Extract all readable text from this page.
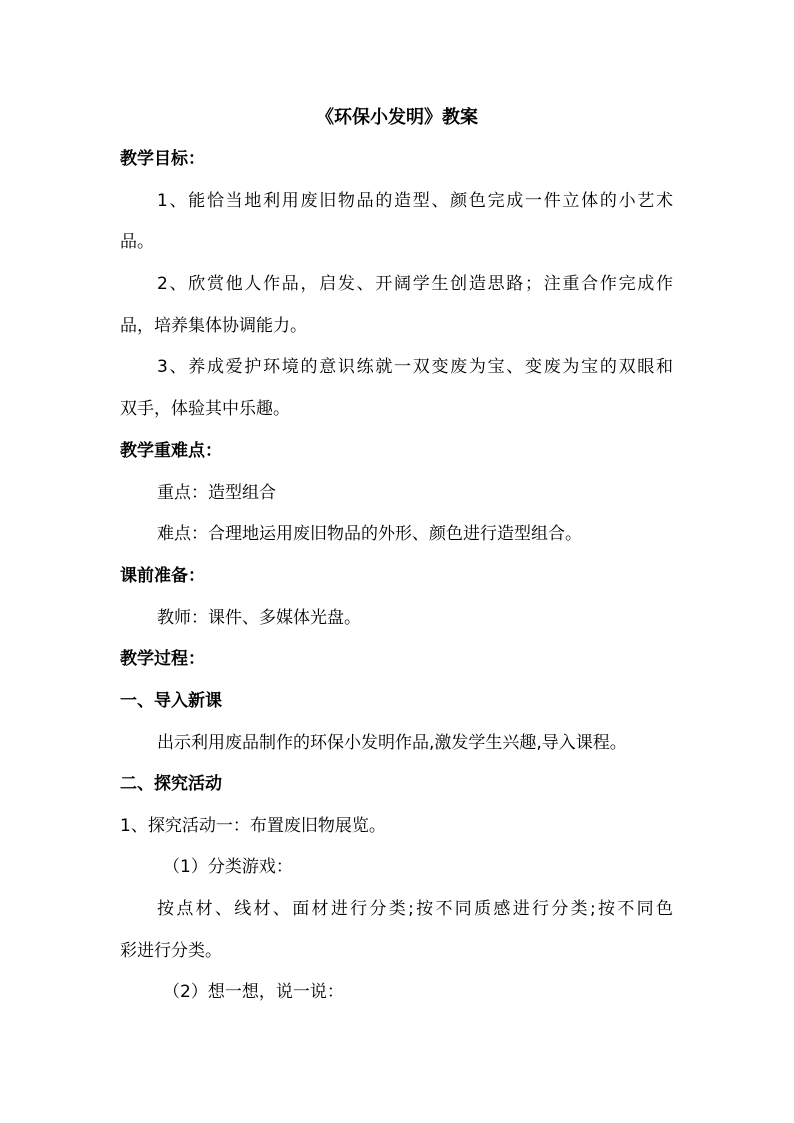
《环保小发明》教案
教学目标：
1、能恰当地利用废旧物品的造型、颜色完成一件立体的小艺术
品。
2、欣赏他人作品，启发、开阔学生创造思路；注重合作完成作
品，培养集体协调能力。
3、养成爱护环境的意识练就一双变废为宝、变废为宝的双眼和
双手，体验其中乐趣。
教学重难点：
重点：造型组合
难点：合理地运用废旧物品的外形、颜色进行造型组合。
课前准备：
教师：课件、多媒体光盘。
教学过程：
一、导入新课
出示利用废品制作的环保小发明作品,激发学生兴趣,导入课程。
二、探究活动
1、探究活动一：布置废旧物展览。
（1）分类游戏：
按点材、线材、面材进行分类;按不同质感进行分类;按不同色
彩进行分类。
（2）想一想，说一说：
